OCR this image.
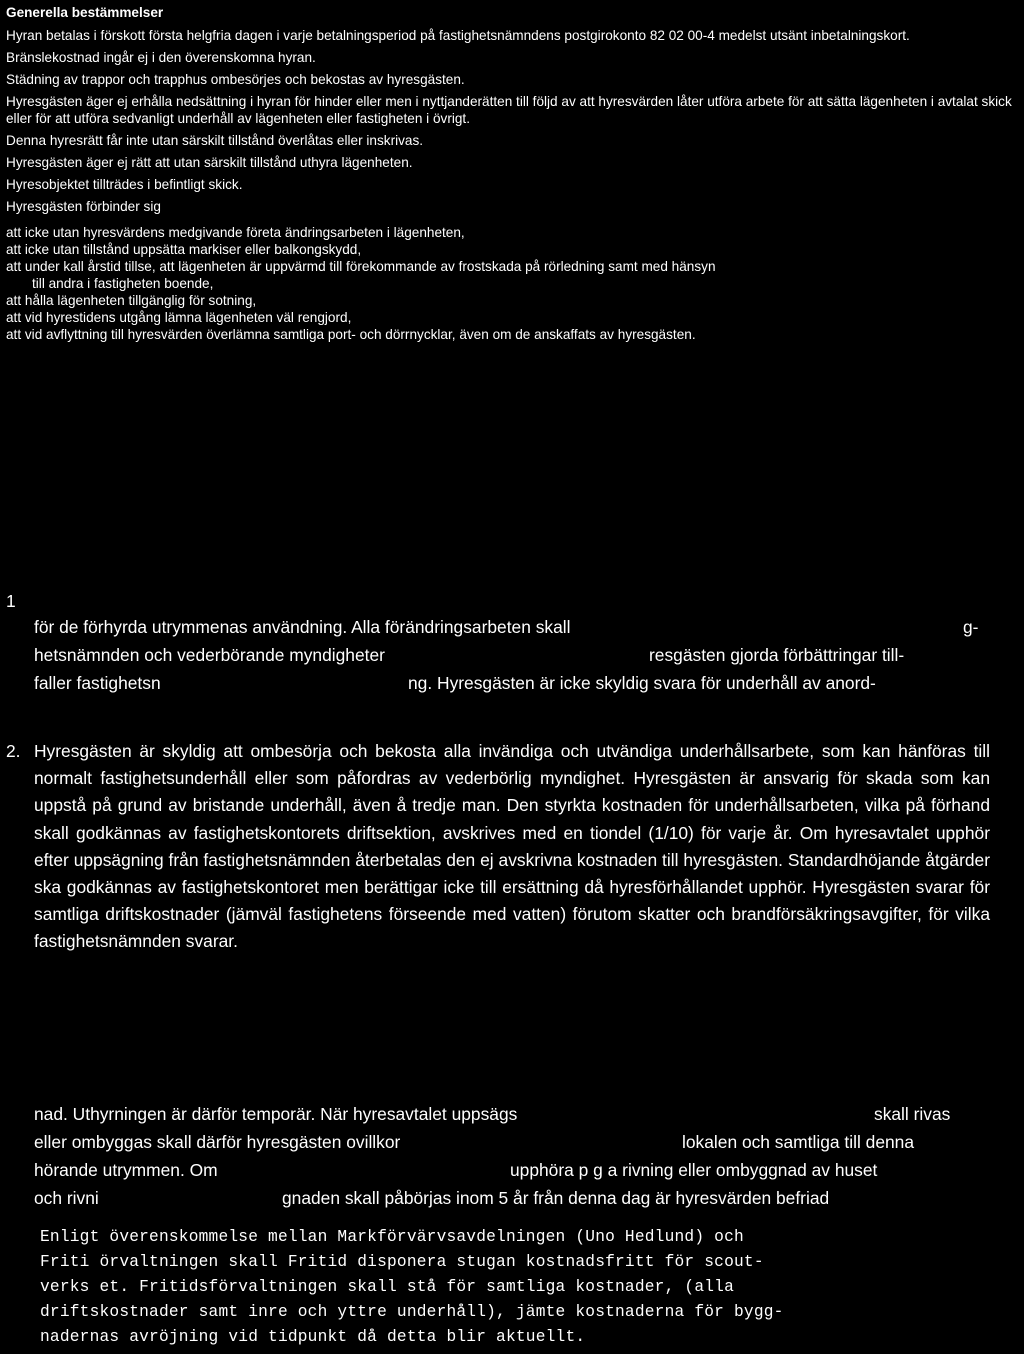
Generella bestämmelser
Hyran betalas i förskott första helgfria dagen i varje betalningsperiod på fastighetsnämndens postgirokonto 82 02 00-4 medelst utsänt inbetalningskort.
Bränslekostnad ingår ej i den överenskomna hyran.
Städning av trappor och trapphus ombesörjes och bekostas av hyresgästen.
Hyresgästen äger ej erhålla nedsättning i hyran för hinder eller men i nyttjanderätten till följd av att hyresvärden låter utföra arbete för att sätta lägenheten i avtalat skick eller för att utföra sedvanligt underhåll av lägenheten eller fastigheten i övrigt.
Denna hyresrätt får inte utan särskilt tillstånd överlåtas eller inskrivas.
Hyresgästen äger ej rätt att utan särskilt tillstånd uthyra lägenheten.
Hyresobjektet tillträdes i befintligt skick.
Hyresgästen förbinder sig
att icke utan hyresvärdens medgivande företa ändringsarbeten i lägenheten,
att icke utan tillstånd uppsätta markiser eller balkongskydd,
att under kall årstid tillse, att lägenheten är uppvärmd till förekommande av frostskada på rörledning samt med hänsyn
till andra i fastigheten boende,
att hålla lägenheten tillgänglig för sotning,
att vid hyrestidens utgång lämna lägenheten väl rengjord,
att vid avflyttning till hyresvärden överlämna samtliga port- och dörrnycklar, även om de anskaffats av hyresgästen.
1
för de förhyrda utrymmenas användning. Alla förändringsarbeten skall	g-
hetsnämnden och vederbörande myndigheter	resgästen gjorda förbättringar till-
faller fastighetsn	ng. Hyresgästen är icke skyldig svara för underhåll av anord-
2. Hyresgästen är skyldig att ombesörja och bekosta alla invändiga och utvändiga underhållsarbete, som kan hänföras till normalt fastighetsunderhåll eller som påfordras av vederbörlig myndighet. Hyresgästen är ansvarig för skada som kan uppstå på grund av bristande underhåll, även å tredje man. Den styrkta kostnaden för underhållsarbeten, vilka på förhand skall godkännas av fastighetskontorets driftsektion, avskrives med en tiondel (1/10) för varje år. Om hyresavtalet upphör efter uppsägning från fastighetsnämnden återbetalas den ej avskrivna kostnaden till hyresgästen. Standardhöjande åtgärder ska godkännas av fastighetskontoret men berättigar icke till ersättning då hyresförhållandet upphör. Hyresgästen svarar för samtliga driftskostnader (jämväl fastighetens förseende med vatten) förutom skatter och brandförsäkringsavgifter, för vilka fastighetsnämnden svarar.
nad. Uthyrningen är därför temporär. När hyresavtalet uppsägs	skall rivas
eller ombyggas skall därför hyresgästen ovillkor	lokalen och samtliga till denna
hörande utrymmen. Om	upphöra p g a rivning eller ombyggnad av huset
och rivni	gnaden skall påbörjas inom 5 år från denna dag är hyresvärden befriad
Enligt överenskommelse mellan Markförvärvsavdelningen (Uno Hedlund) och
Friti örvaltningen skall Fritid disponera stugan kostnadsfritt för scout-
verks et. Fritidsförvaltningen skall stå för samtliga kostnader, (alla
driftskostnader samt inre och yttre underhåll), jämte kostnaderna för bygg-
nadernas avröjning vid tidpunkt då detta blir aktuellt.
